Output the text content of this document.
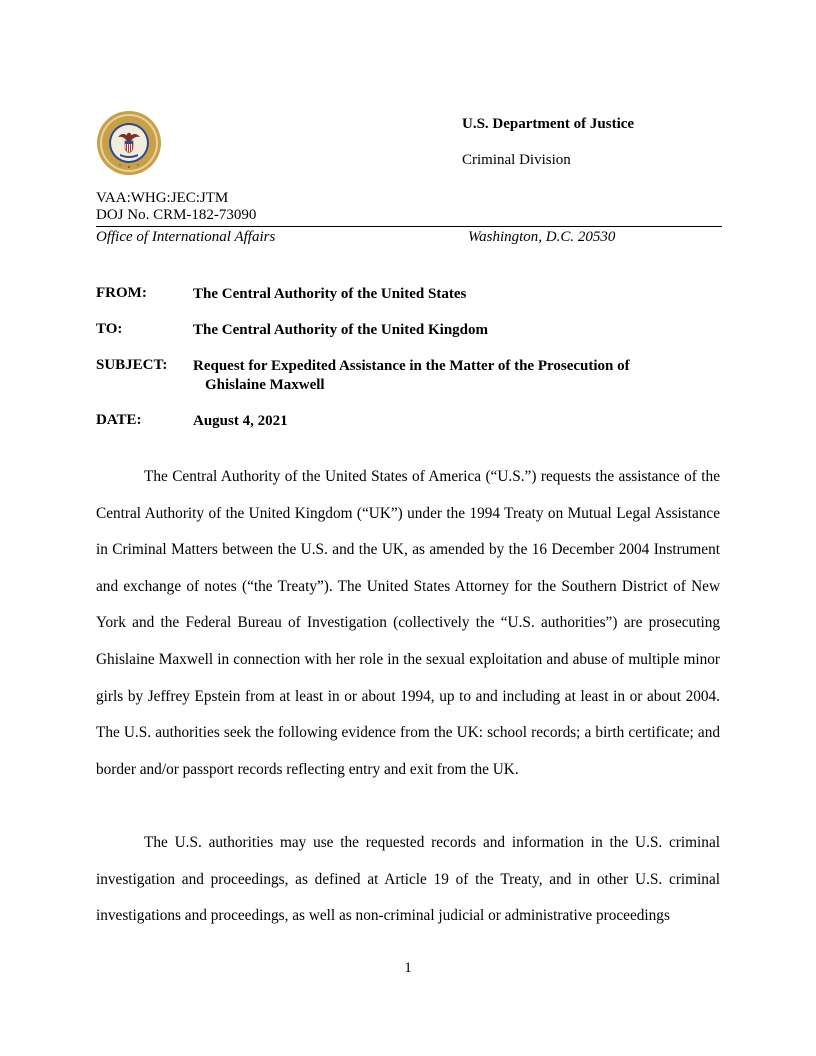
U.S. Department of Justice
Criminal Division
VAA:WHG:JEC:JTM
DOJ No. CRM-182-73090
Office of International Affairs	Washington, D.C. 20530
FROM:	The Central Authority of the United States
TO:	The Central Authority of the United Kingdom
SUBJECT: Request for Expedited Assistance in the Matter of the Prosecution of
Ghislaine Maxwell
DATE:	August 4, 2021
The Central Authority of the United States of America (“U.S.”) requests the assistance of the Central Authority of the United Kingdom (“UK”) under the 1994 Treaty on Mutual Legal Assistance in Criminal Matters between the U.S. and the UK, as amended by the 16 December 2004 Instrument and exchange of notes (“the Treaty”). The United States Attorney for the Southern District of New York and the Federal Bureau of Investigation (collectively the “U.S. authorities”) are prosecuting Ghislaine Maxwell in connection with her role in the sexual exploitation and abuse of multiple minor girls by Jeffrey Epstein from at least in or about 1994, up to and including at least in or about 2004. The U.S. authorities seek the following evidence from the UK: school records; a birth certificate; and border and/or passport records reflecting entry and exit from the UK.
The U.S. authorities may use the requested records and information in the U.S. criminal investigation and proceedings, as defined at Article 19 of the Treaty, and in other U.S. criminal investigations and proceedings, as well as non-criminal judicial or administrative proceedings
1
